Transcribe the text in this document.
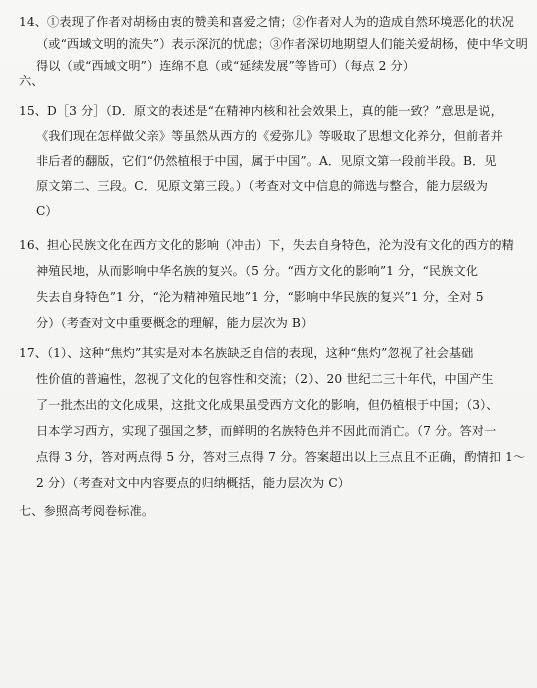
14、①表现了作者对胡杨由衷的赞美和喜爱之情；②作者对人为的造成自然环境恶化的状况
（或“西域文明的流失”）表示深沉的忧虑；③作者深切地期望人们能关爱胡杨，使中华文明
得以（或“西域文明”）连绵不息（或“延续发展”等皆可）（每点 2 分）
六、
15、D［3 分］（D．原文的表述是“在精神内核和社会效果上，真的能一致？”意思是说，
《我们现在怎样做父亲》等虽然从西方的《爱弥儿》等吸取了思想文化养分，但前者并
非后者的翻版，它们“仍然植根于中国，属于中国”。A．见原文第一段前半段。B．见
原文第二、三段。C．见原文第三段。）（考查对文中信息的筛选与整合，能力层级为
C）
16、担心民族文化在西方文化的影响（冲击）下，失去自身特色，沦为没有文化的西方的精
神殖民地，从而影响中华名族的复兴。（5 分。“西方文化的影响”1 分，“民族文化
失去自身特色”1 分，“沦为精神殖民地”1 分，“影响中华民族的复兴”1 分，全对 5
分）（考查对文中重要概念的理解，能力层次为 B）
17、（1）、这种“焦灼”其实是对本名族缺乏自信的表现，这种“焦灼”忽视了社会基础
性价值的普遍性，忽视了文化的包容性和交流；（2）、20 世纪二三十年代，中国产生
了一批杰出的文化成果，这批文化成果虽受西方文化的影响，但仍植根于中国；（3）、
日本学习西方，实现了强国之梦，而鲜明的名族特色并不因此而消亡。（7 分。答对一
点得 3 分，答对两点得 5 分，答对三点得 7 分。答案超出以上三点且不正确，酌情扣 1～
2 分）（考查对文中内容要点的归纳概括，能力层次为 C）
七、参照高考阅卷标准。
